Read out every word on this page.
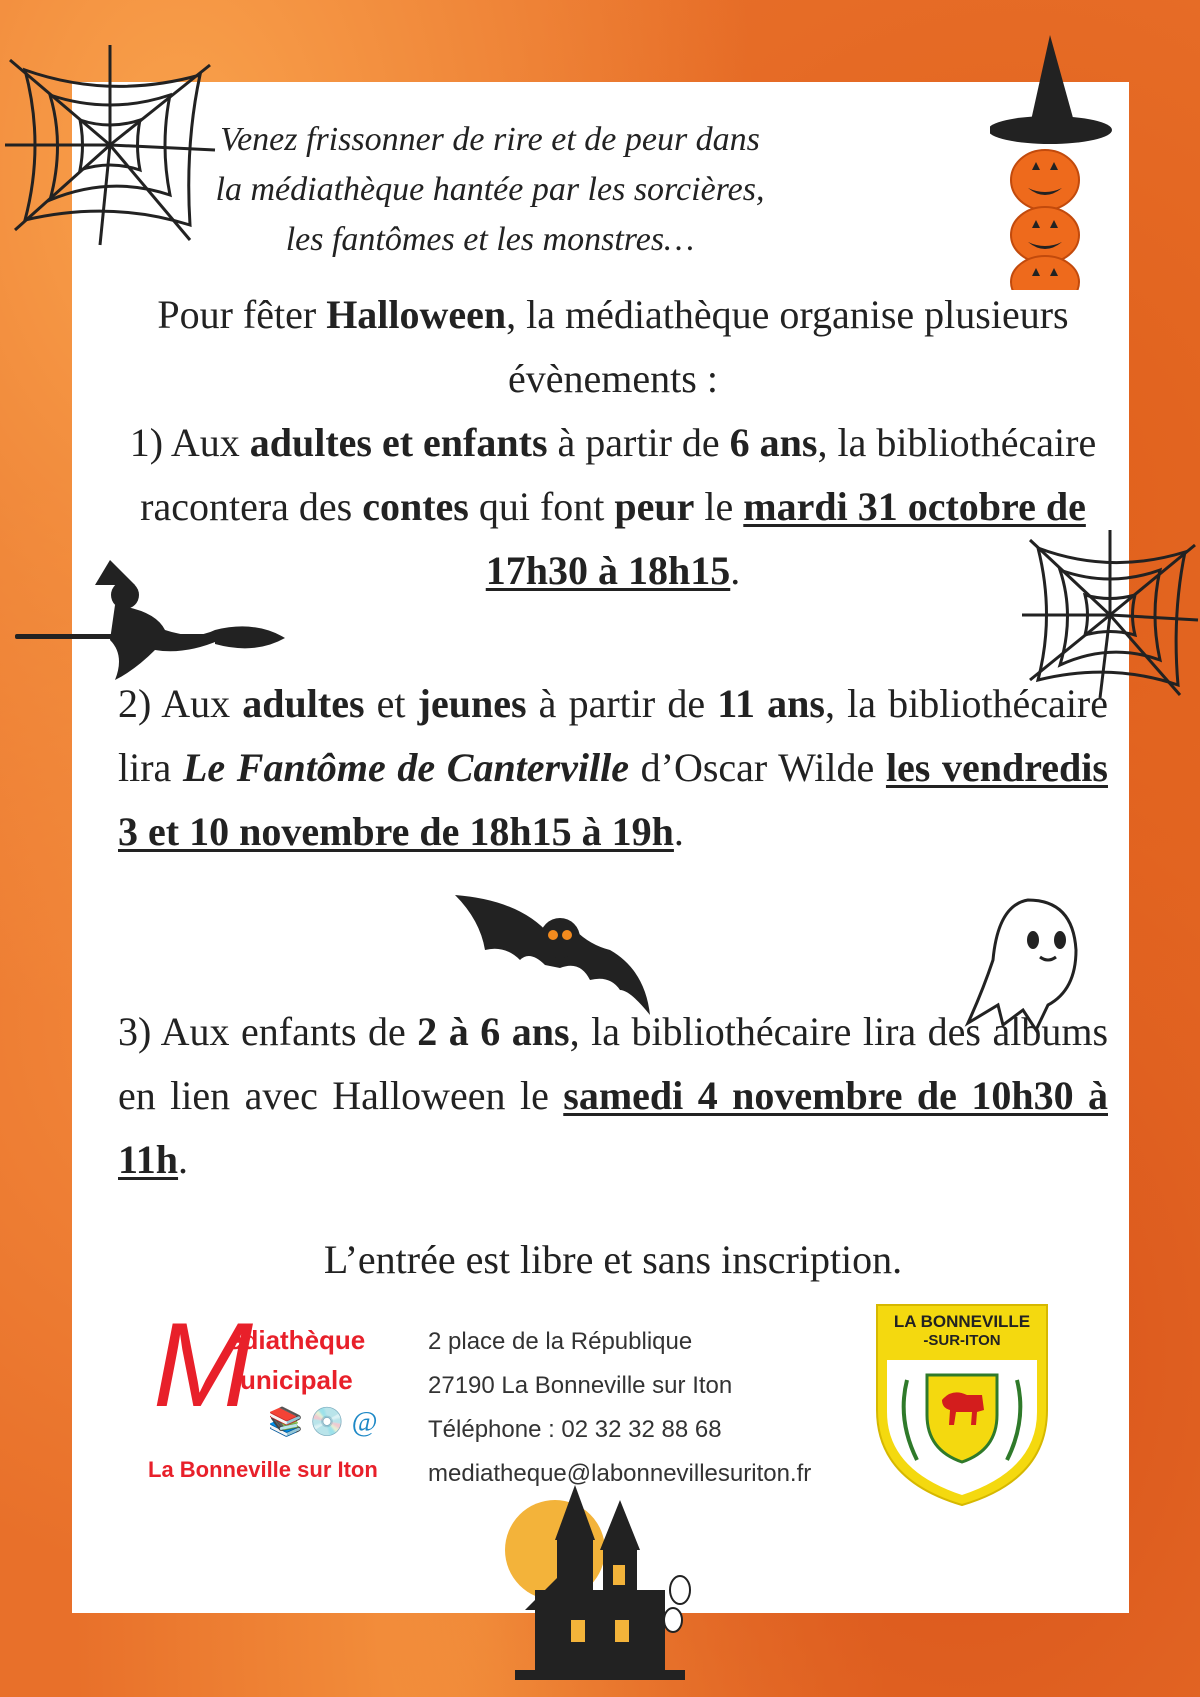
Venez frissonner de rire et de peur dans
la médiathèque hantée par les sorcières,
les fantômes et les monstres…
Pour fêter Halloween, la médiathèque organise plusieurs évènements :
1) Aux adultes et enfants à partir de 6 ans, la bibliothécaire racontera des contes qui font peur le mardi 31 octobre de 17h30 à 18h15.
2) Aux adultes et jeunes à partir de 11 ans, la bibliothécaire lira Le Fantôme de Canterville d’Oscar Wilde les vendredis 3 et 10 novembre de 18h15 à 19h.
3) Aux enfants de 2 à 6 ans, la bibliothécaire lira des albums en lien avec Halloween le samedi 4 novembre de 10h30 à 11h.
L’entrée est libre et sans inscription.
M
édiathèque
unicipale
📚 💿 @
La Bonneville sur Iton
2 place de la République
27190 La Bonneville sur Iton
Téléphone : 02 32 32 88 68
mediatheque@labonnevillesuriton.fr
LA BONNEVILLE
-SUR-ITON
